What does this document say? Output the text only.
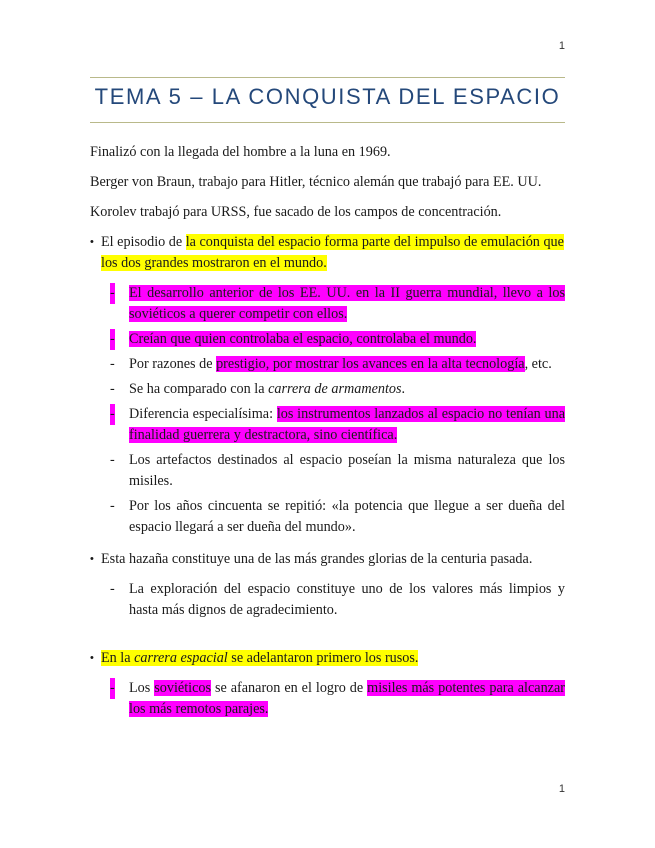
1
TEMA 5 – LA CONQUISTA DEL ESPACIO

Finalizó con la llegada del hombre a la luna en 1969.

Berger von Braun, trabajo para Hitler, técnico alemán que trabajó para EE. UU.

Korolev trabajó para URSS, fue sacado de los campos de concentración.

• El episodio de la conquista del espacio forma parte del impulso de emulación que los dos grandes mostraron en el mundo.

- El desarrollo anterior de los EE. UU. en la II guerra mundial, llevo a los soviéticos a querer competir con ellos.
- Creían que quien controlaba el espacio, controlaba el mundo.
- Por razones de prestigio, por mostrar los avances en la alta tecnología, etc.
- Se ha comparado con la carrera de armamentos.
- Diferencia especialísima: los instrumentos lanzados al espacio no tenían una finalidad guerrera y destractora, sino científica.
- Los artefactos destinados al espacio poseían la misma naturaleza que los misiles.
- Por los años cincuenta se repitió: «la potencia que llegue a ser dueña del espacio llegará a ser dueña del mundo».

• Esta hazaña constituye una de las más grandes glorias de la centuria pasada.

- La exploración del espacio constituye uno de los valores más limpios y hasta más dignos de agradecimiento.

• En la carrera espacial se adelantaron primero los rusos.

- Los soviéticos se afanaron en el logro de misiles más potentes para alcanzar los más remotos parajes.
1
